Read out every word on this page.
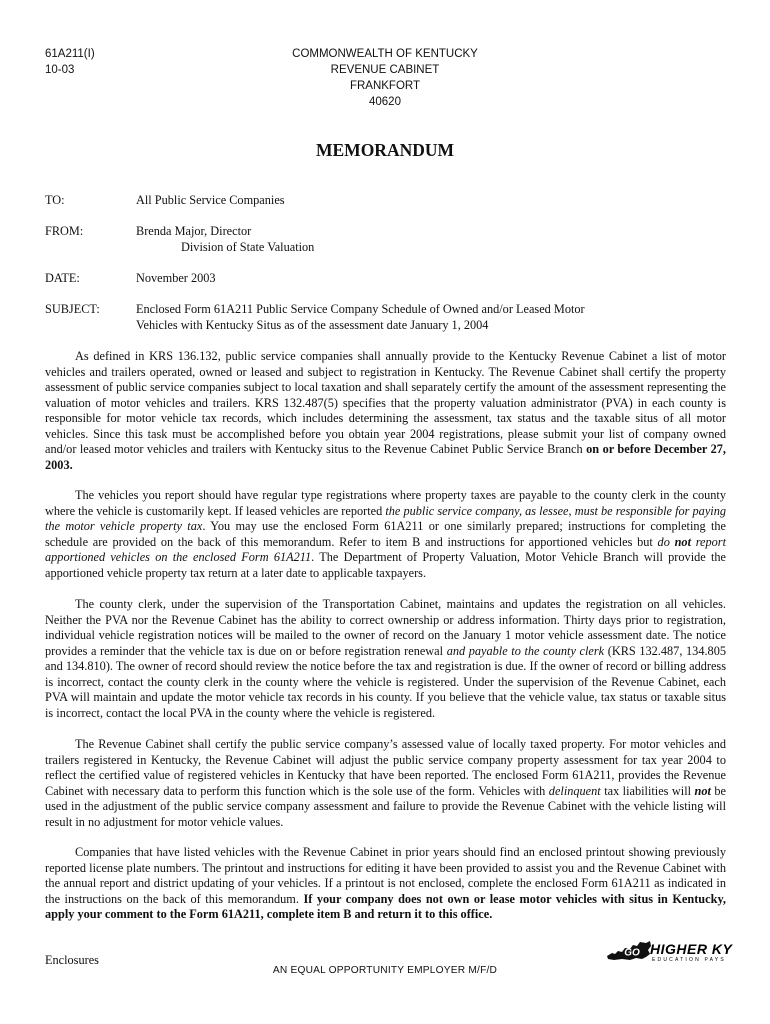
61A211(I)
10-03
COMMONWEALTH OF KENTUCKY
REVENUE CABINET
FRANKFORT
40620
MEMORANDUM
TO:	All Public Service Companies
FROM:	Brenda Major, Director
Division of State Valuation
DATE:	November 2003
SUBJECT:	Enclosed Form 61A211 Public Service Company Schedule of Owned and/or Leased Motor
Vehicles with Kentucky Situs as of the assessment date January 1, 2004

As defined in KRS 136.132, public service companies shall annually provide to the Kentucky Revenue Cabinet a list of motor vehicles and trailers operated, owned or leased and subject to registration in Kentucky. The Revenue Cabinet shall certify the property assessment of public service companies subject to local taxation and shall separately certify the amount of the assessment representing the valuation of motor vehicles and trailers. KRS 132.487(5) specifies that the property valuation administrator (PVA) in each county is responsible for motor vehicle tax records, which includes determining the assessment, tax status and the taxable situs of all motor vehicles. Since this task must be accomplished before you obtain year 2004 registrations, please submit your list of company owned and/or leased motor vehicles and trailers with Kentucky situs to the Revenue Cabinet Public Service Branch on or before December 27, 2003.

The vehicles you report should have regular type registrations where property taxes are payable to the county clerk in the county where the vehicle is customarily kept. If leased vehicles are reported the public service company, as lessee, must be responsible for paying the motor vehicle property tax. You may use the enclosed Form 61A211 or one similarly prepared; instructions for completing the schedule are provided on the back of this memorandum. Refer to item B and instructions for apportioned vehicles but do not report apportioned vehicles on the enclosed Form 61A211. The Department of Property Valuation, Motor Vehicle Branch will provide the apportioned vehicle property tax return at a later date to applicable taxpayers.

The county clerk, under the supervision of the Transportation Cabinet, maintains and updates the registration on all vehicles. Neither the PVA nor the Revenue Cabinet has the ability to correct ownership or address information. Thirty days prior to registration, individual vehicle registration notices will be mailed to the owner of record on the January 1 motor vehicle assessment date. The notice provides a reminder that the vehicle tax is due on or before registration renewal and payable to the county clerk (KRS 132.487, 134.805 and 134.810). The owner of record should review the notice before the tax and registration is due. If the owner of record or billing address is incorrect, contact the county clerk in the county where the vehicle is registered. Under the supervision of the Revenue Cabinet, each PVA will maintain and update the motor vehicle tax records in his county. If you believe that the vehicle value, tax status or taxable situs is incorrect, contact the local PVA in the county where the vehicle is registered.

The Revenue Cabinet shall certify the public service company’s assessed value of locally taxed property. For motor vehicles and trailers registered in Kentucky, the Revenue Cabinet will adjust the public service company property assessment for tax year 2004 to reflect the certified value of registered vehicles in Kentucky that have been reported. The enclosed Form 61A211, provides the Revenue Cabinet with necessary data to perform this function which is the sole use of the form. Vehicles with delinquent tax liabilities will not be used in the adjustment of the public service company assessment and failure to provide the Revenue Cabinet with the vehicle listing will result in no adjustment for motor vehicle values.

Companies that have listed vehicles with the Revenue Cabinet in prior years should find an enclosed printout showing previously reported license plate numbers. The printout and instructions for editing it have been provided to assist you and the Revenue Cabinet with the annual report and district updating of your vehicles. If a printout is not enclosed, complete the enclosed Form 61A211 as indicated in the instructions on the back of this memorandum. If your company does not own or lease motor vehicles with situs in Kentucky, apply your comment to the Form 61A211, complete item B and return it to this office.

Enclosures
AN EQUAL OPPORTUNITY EMPLOYER M/F/D
GO HIGHER KY
EDUCATION PAYS
